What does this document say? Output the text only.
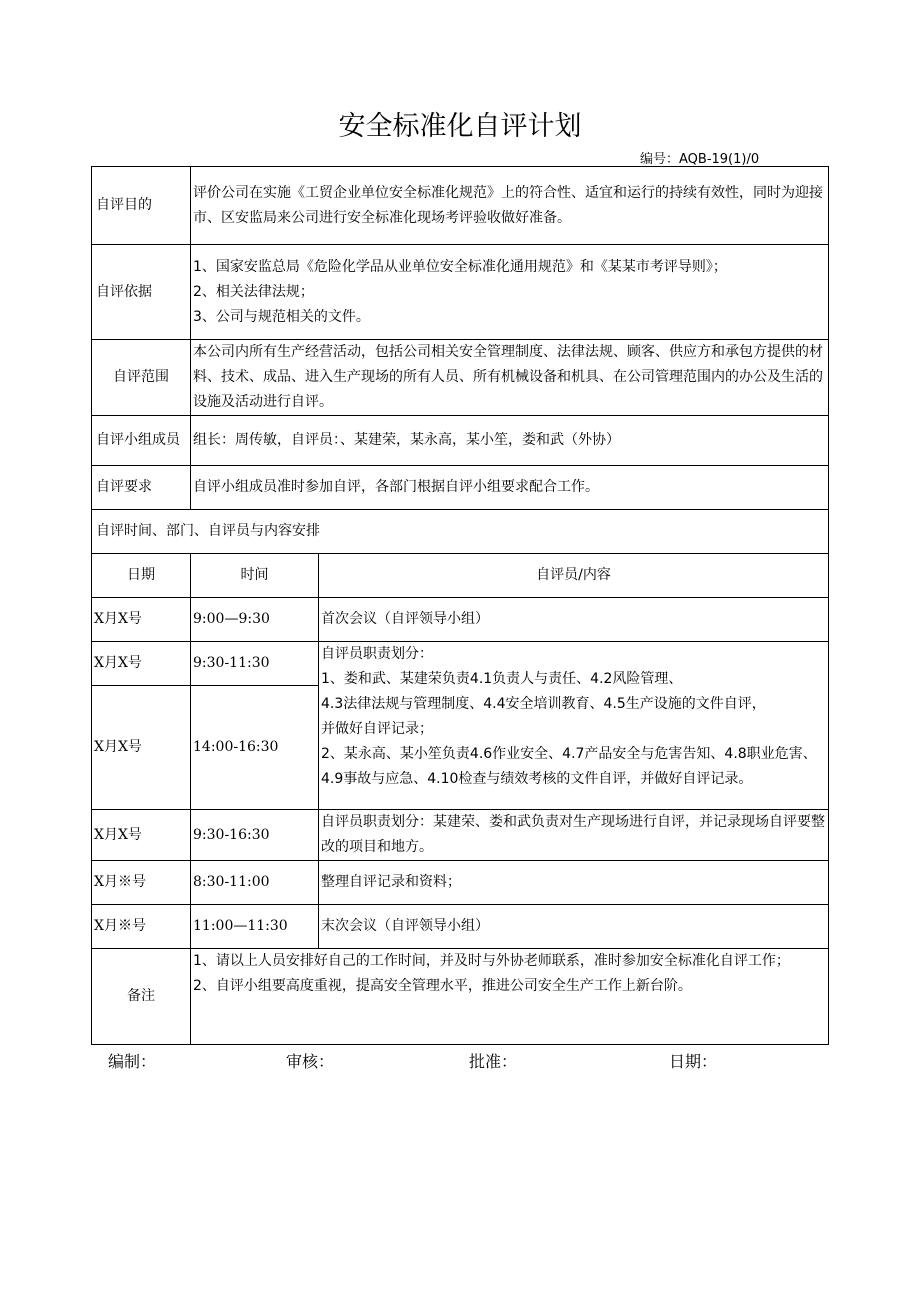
安全标准化自评计划
编号：AQB-19(1)/0
自评目的	评价公司在实施《工贸企业单位安全标准化规范》上的符合性、适宜和运行的持续有效性，同时为迎接市、区安监局来公司进行安全标准化现场考评验收做好准备。	
自评依据	1、国家安监总局《危险化学品从业单位安全标准化通用规范》和《某某市考评导则》；
2、相关法律法规；
3、公司与规范相关的文件。	

自评范围	本公司内所有生产经营活动，包括公司相关安全管理制度、法律法规、顾客、供应方和承包方提供的材料、技术、成品、进入生产现场的所有人员、所有机械设备和机具、在公司管理范围内的办公及生活的设施及活动进行自评。	
自评小组成员	组长：周传敏，自评员：、某建荣，某永高，某小笙，娄和武（外协）	
自评要求	自评小组成员准时参加自评，各部门根据自评小组要求配合工作。	
自评时间、部门、自评员与内容安排		
日期	时间	自评员/内容
X月X号	9:00—9:30	首次会议（自评领导小组）
X月X号	9:30-11:30	自评员职责划分：
1、娄和武、某建荣负责4.1负责人与责任、4.2风险管理、
4.3法律法规与管理制度、4.4安全培训教育、4.5生产设施的文件自评，
并做好自评记录；
2、某永高、某小笙负责4.6作业安全、4.7产品安全与危害告知、4.8职业危害、4.9事故与应急、4.10检查与绩效考核的文件自评，并做好自评记录。

X月X号	14:00-16:30	
X月X号	9:30-16:30	自评员职责划分：某建荣、娄和武负责对生产现场进行自评，并记录现场自评要整改的项目和地方。
X月※号	8:30-11:00	整理自评记录和资料；
X月※号	11:00—11:30	末次会议（自评领导小组）
备注	1、请以上人员安排好自己的工作时间，并及时与外协老师联系，准时参加安全标准化自评工作；
2、自评小组要高度重视，提高安全管理水平，推进公司安全生产工作上新台阶。	
编制：	审核：	批准：	日期：
